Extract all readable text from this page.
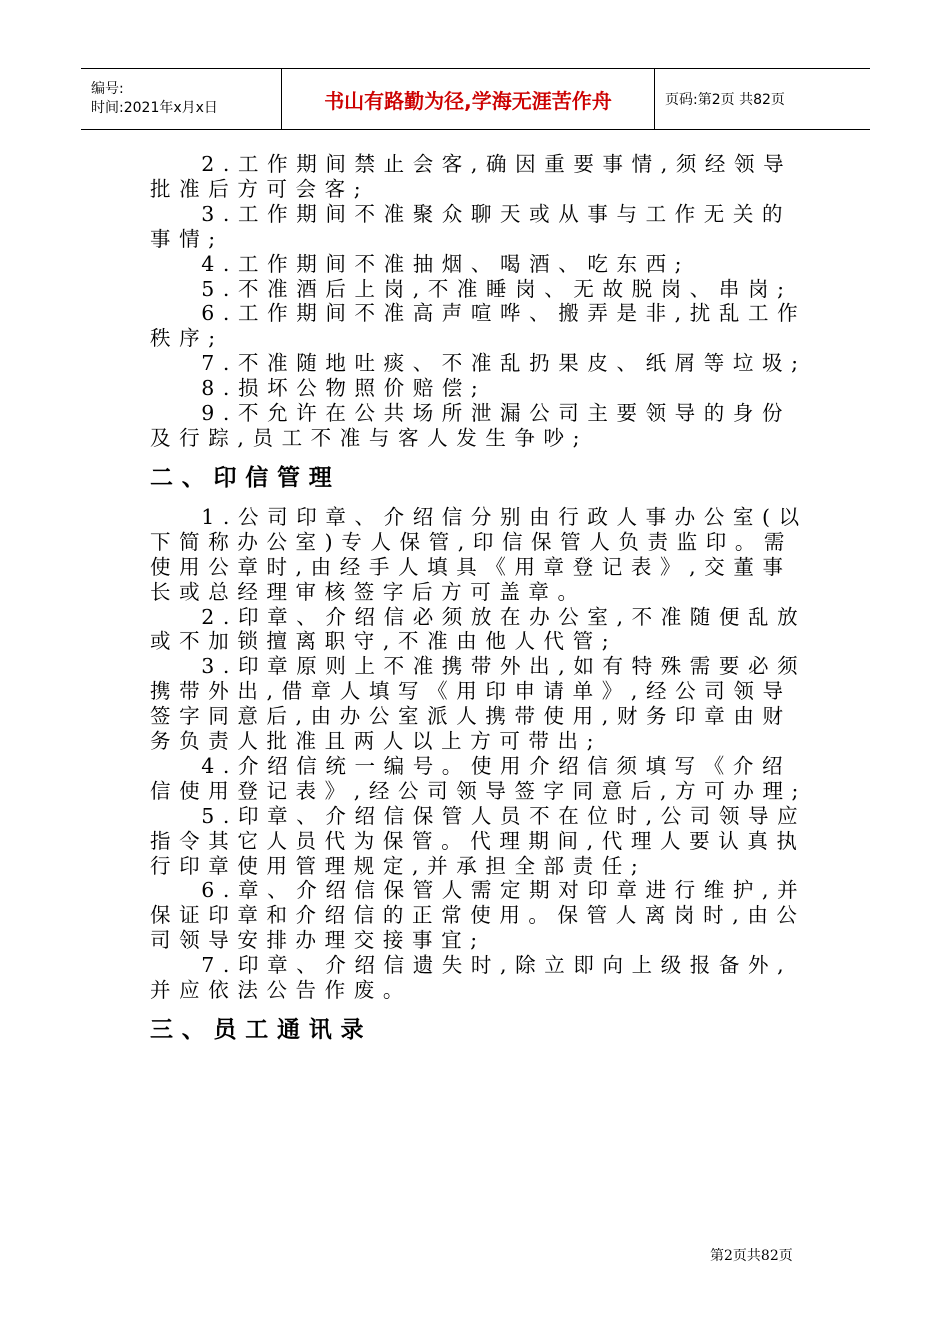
编号:
时间:2021年x月x日	书山有路勤为径,学海无涯苦作舟	页码:第2页 共82页

2.工作期间禁止会客,确因重要事情,须经领导批准后方可会客;

3.工作期间不准聚众聊天或从事与工作无关的事情;

4.工作期间不准抽烟、喝酒、吃东西;

5.不准酒后上岗,不准睡岗、无故脱岗、串岗;

6.工作期间不准高声喧哗、搬弄是非,扰乱工作秩序;

7.不准随地吐痰、不准乱扔果皮、纸屑等垃圾;

8.损坏公物照价赔偿;

9.不允许在公共场所泄漏公司主要领导的身份及行踪,员工不准与客人发生争吵;

二、印信管理

1.公司印章、介绍信分别由行政人事办公室(以下简称办公室)专人保管,印信保管人负责监印。需使用公章时,由经手人填具《用章登记表》,交董事长或总经理审核签字后方可盖章。

2.印章、介绍信必须放在办公室,不准随便乱放或不加锁擅离职守,不准由他人代管;

3.印章原则上不准携带外出,如有特殊需要必须携带外出,借章人填写《用印申请单》,经公司领导签字同意后,由办公室派人携带使用,财务印章由财务负责人批准且两人以上方可带出;

4.介绍信统一编号。使用介绍信须填写《介绍信使用登记表》,经公司领导签字同意后,方可办理;

5.印章、介绍信保管人员不在位时,公司领导应指令其它人员代为保管。代理期间,代理人要认真执行印章使用管理规定,并承担全部责任;

6.章、介绍信保管人需定期对印章进行维护,并保证印章和介绍信的正常使用。保管人离岗时,由公司领导安排办理交接事宜;

7.印章、介绍信遗失时,除立即向上级报备外,并应依法公告作废。

三、员工通讯录
第2页共82页
